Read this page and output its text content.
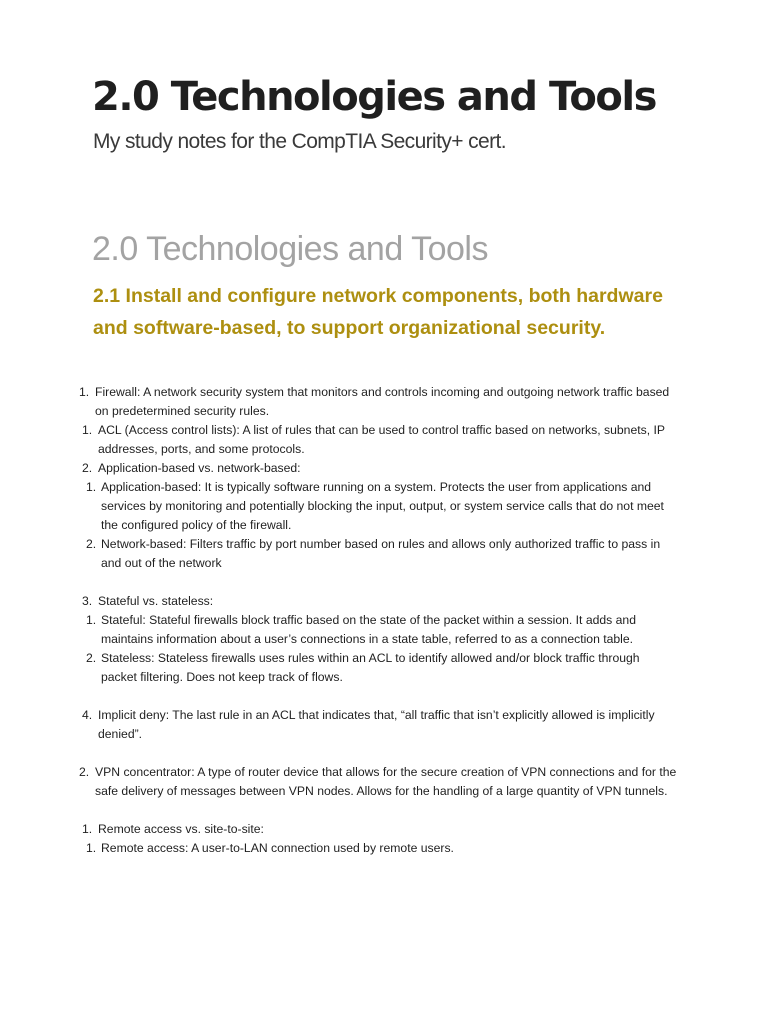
2.0 Technologies and Tools

My study notes for the CompTIA Security+ cert.

2.0 Technologies and Tools
2.1 Install and configure network components, both hardware and software-based, to support organizational security.
1. Firewall: A network security system that monitors and controls incoming and outgoing network traffic based on predetermined security rules.
1. ACL (Access control lists): A list of rules that can be used to control traffic based on networks, subnets, IP addresses, ports, and some protocols.
2. Application-based vs. network-based:
1. Application-based: It is typically software running on a system. Protects the user from applications and services by monitoring and potentially blocking the input, output, or system service calls that do not meet the configured policy of the firewall.
2. Network-based: Filters traffic by port number based on rules and allows only authorized traffic to pass in and out of the network
3. Stateful vs. stateless:
1. Stateful: Stateful firewalls block traffic based on the state of the packet within a session. It adds and maintains information about a user’s connections in a state table, referred to as a connection table.
2. Stateless: Stateless firewalls uses rules within an ACL to identify allowed and/or block traffic through packet filtering. Does not keep track of flows.
4. Implicit deny: The last rule in an ACL that indicates that, “all traffic that isn’t explicitly allowed is implicitly denied”.
2. VPN concentrator: A type of router device that allows for the secure creation of VPN connections and for the safe delivery of messages between VPN nodes. Allows for the handling of a large quantity of VPN tunnels.
1. Remote access vs. site-to-site:
1. Remote access: A user-to-LAN connection used by remote users.
